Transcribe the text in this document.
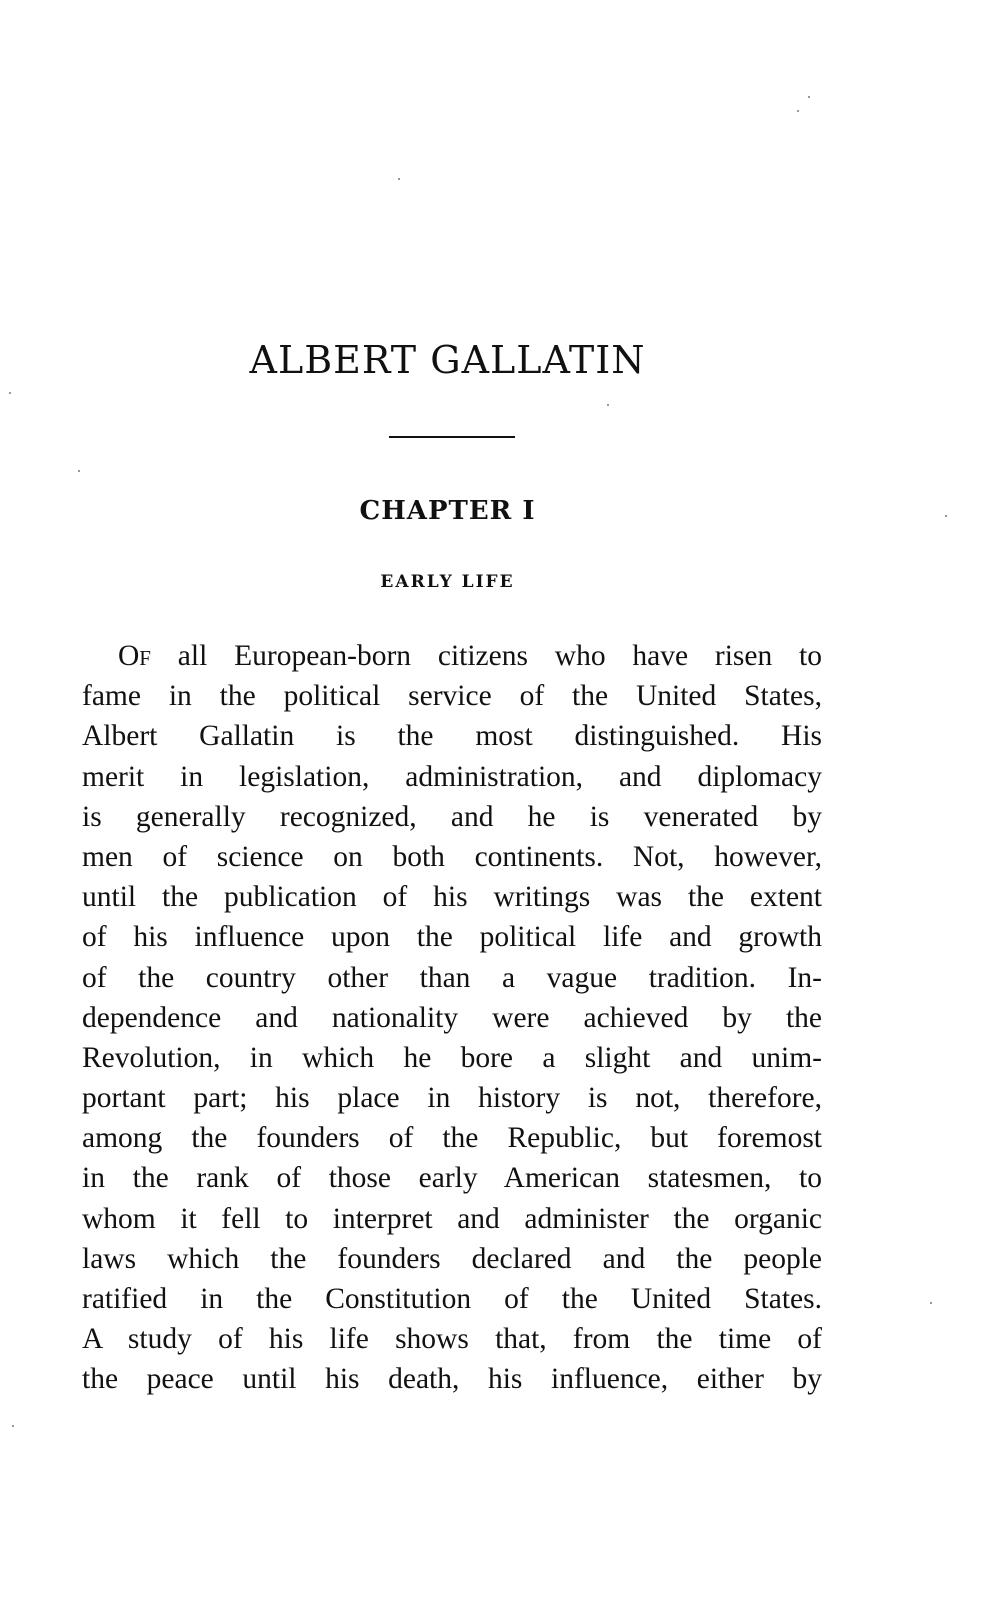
ALBERT GALLATIN
CHAPTER I
EARLY LIFE
Of all European-born citizens who have risen to
fame in the political service of the United States,
Albert Gallatin is the most distinguished. His
merit in legislation, administration, and diplomacy
is generally recognized, and he is venerated by
men of science on both continents. Not, however,
until the publication of his writings was the extent
of his influence upon the political life and growth
of the country other than a vague tradition. In-
dependence and nationality were achieved by the
Revolution, in which he bore a slight and unim-
portant part; his place in history is not, therefore,
among the founders of the Republic, but foremost
in the rank of those early American statesmen, to
whom it fell to interpret and administer the organic
laws which the founders declared and the people
ratified in the Constitution of the United States.
A study of his life shows that, from the time of
the peace until his death, his influence, either by
